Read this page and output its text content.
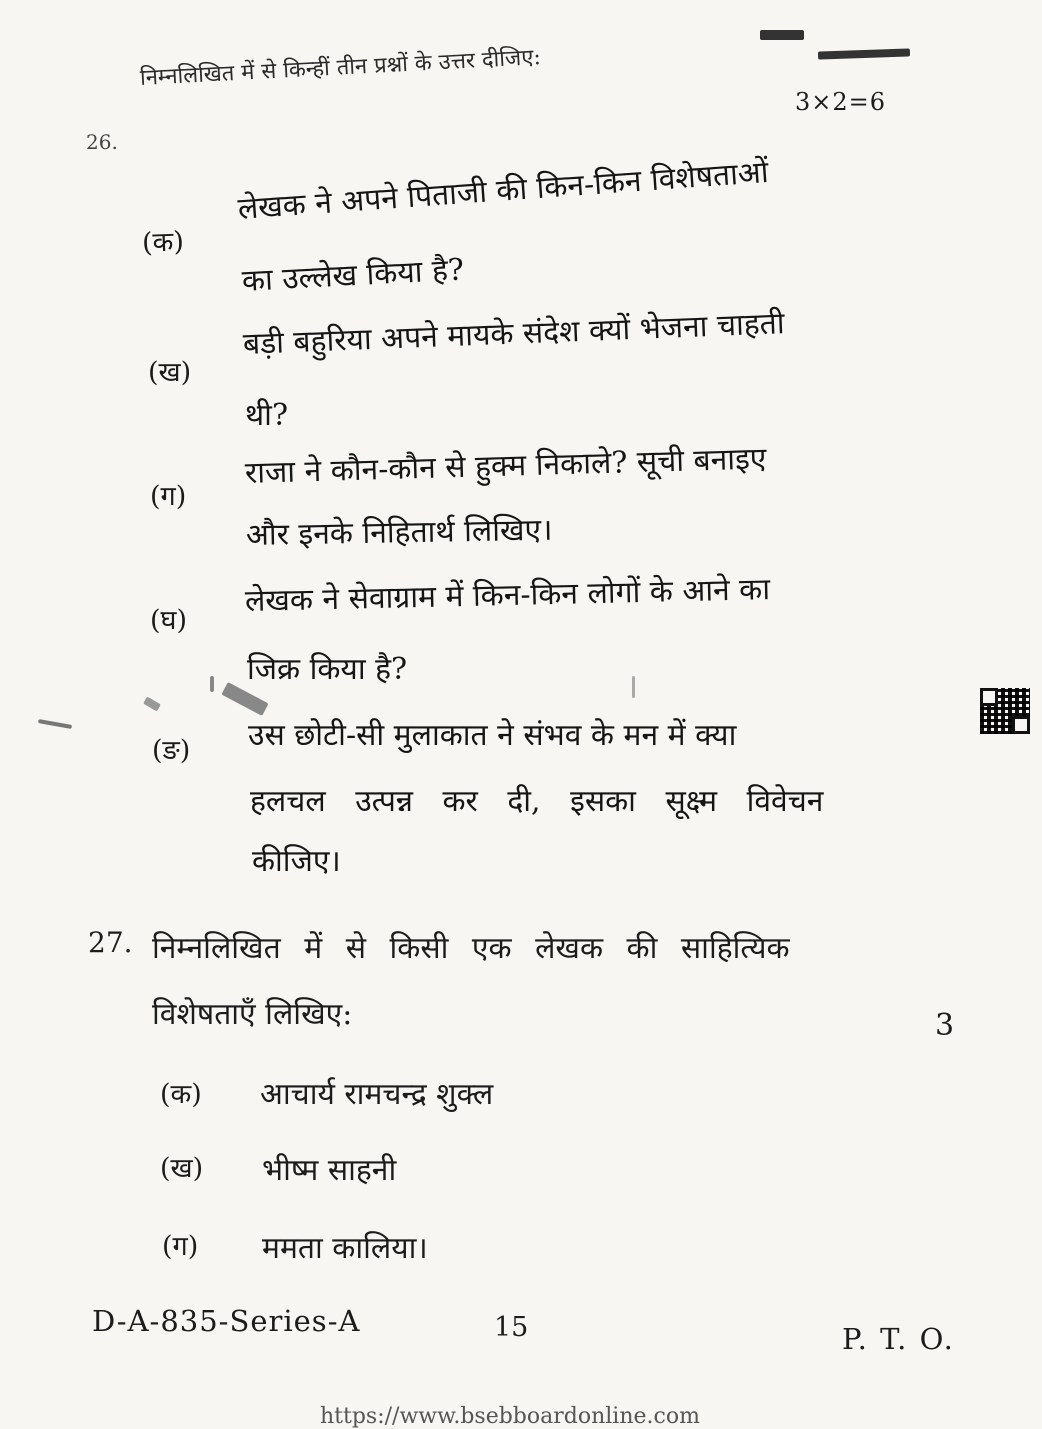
26.
निम्नलिखित में से किन्हीं तीन प्रश्नों के उत्तर दीजिए:
3×2=6
(क)
लेखक ने अपने पिताजी की किन-किन विशेषताओं
का उल्लेख किया है?
(ख)
बड़ी बहुरिया अपने मायके संदेश क्यों भेजना चाहती
थी?
(ग)
राजा ने कौन-कौन से हुक्म निकाले? सूची बनाइए
और इनके निहितार्थ लिखिए।
(घ)
लेखक ने सेवाग्राम में किन-किन लोगों के आने का
जिक्र किया है?
(ङ) उस छोटी-सी मुलाकात ने संभव के मन में क्या
हलचल उत्पन्न कर दी, इसका सूक्ष्म विवेचन
कीजिए।
27. निम्नलिखित में से किसी एक लेखक की साहित्यिक
विशेषताएँ लिखिए:	3
(क) आचार्य रामचन्द्र शुक्ल
(ख) भीष्म साहनी
(ग) ममता कालिया।
D-A-835-Series-A	15	P. T. O.
https://www.bsebboardonline.com
